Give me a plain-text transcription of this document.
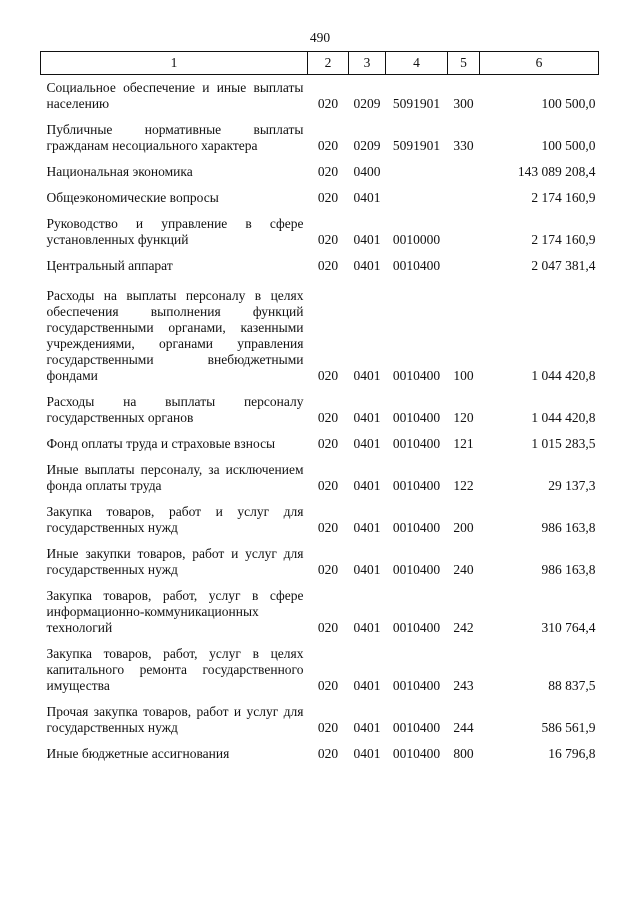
490
1	2	3	4	5	6

Социальное обеспечение и иные выплаты населению	020	0209	5091901	300	100 500,0

Публичные нормативные выплаты гражданам несоциального характера	020	0209	5091901	330	100 500,0

Национальная экономика	020	0400			143 089 208,4

Общеэкономические вопросы	020	0401			2 174 160,9

Руководство и управление в сфере установленных функций	020	0401	0010000		2 174 160,9

Центральный аппарат	020	0401	0010400		2 047 381,4

Расходы на выплаты персоналу в целях обеспечения выполнения функций государственными органами, казенными учреждениями, органами управления государственными внебюджетными фондами	020	0401	0010400	100	1 044 420,8

Расходы на выплаты персоналу государственных органов	020	0401	0010400	120	1 044 420,8

Фонд оплаты труда и страховые взносы	020	0401	0010400	121	1 015 283,5

Иные выплаты персоналу, за исключением фонда оплаты труда	020	0401	0010400	122	29 137,3

Закупка товаров, работ и услуг для государственных нужд	020	0401	0010400	200	986 163,8

Иные закупки товаров, работ и услуг для государственных нужд	020	0401	0010400	240	986 163,8

Закупка товаров, работ, услуг в сфере информационно-коммуникационных технологий	020	0401	0010400	242	310 764,4

Закупка товаров, работ, услуг в целях капитального ремонта государственного имущества	020	0401	0010400	243	88 837,5

Прочая закупка товаров, работ и услуг для государственных нужд	020	0401	0010400	244	586 561,9

Иные бюджетные ассигнования	020	0401	0010400	800	16 796,8
